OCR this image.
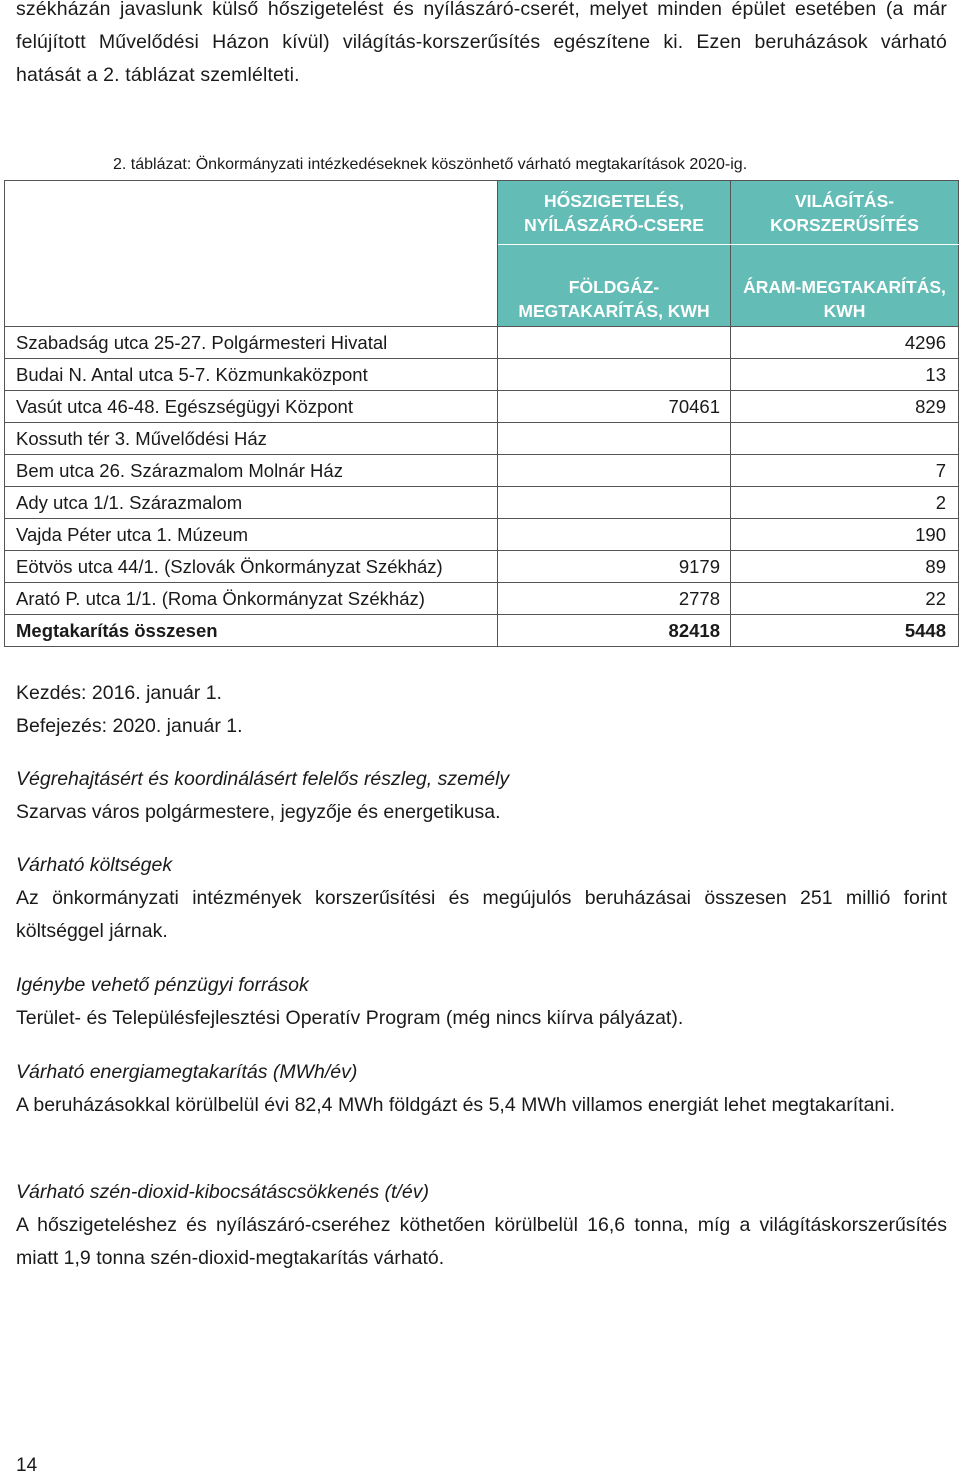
székházán javaslunk külső hőszigetelést és nyílászáró-cserét, melyet minden épület esetében (a már felújított Művelődési Házon kívül) világítás-korszerűsítés egészítene ki. Ezen beruházások várható hatását a 2. táblázat szemlélteti.
2. táblázat: Önkormányzati intézkedéseknek köszönhető várható megtakarítások 2020-ig.
	HŐSZIGETELÉS, NYÍLÁSZÁRÓ-CSERE	VILÁGÍTÁS-KORSZERŰSÍTÉS
	FÖLDGÁZ-MEGTAKARÍTÁS, KWH	ÁRAM-MEGTAKARÍTÁS, KWH
Szabadság utca 25-27. Polgármesteri Hivatal		4296
Budai N. Antal utca 5-7. Közmunkaközpont		13
Vasút utca 46-48. Egészségügyi Központ	70461	829
Kossuth tér 3. Művelődési Ház		
Bem utca 26. Szárazmalom Molnár Ház		7
Ady utca 1/1. Szárazmalom		2
Vajda Péter utca 1. Múzeum		190
Eötvös utca 44/1. (Szlovák Önkormányzat Székház)	9179	89
Arató P. utca 1/1. (Roma Önkormányzat Székház)	2778	22
Megtakarítás összesen	82418	5448
Kezdés: 2016. január 1.
Befejezés: 2020. január 1.
Végrehajtásért és koordinálásért felelős részleg, személy
Szarvas város polgármestere, jegyzője és energetikusa.
Várható költségek
Az önkormányzati intézmények korszerűsítési és megújulós beruházásai összesen 251 millió forint költséggel járnak.
Igénybe vehető pénzügyi források
Terület- és Településfejlesztési Operatív Program (még nincs kiírva pályázat).
Várható energiamegtakarítás (MWh/év)
A beruházásokkal körülbelül évi 82,4 MWh földgázt és 5,4 MWh villamos energiát lehet megtakarítani.
Várható szén-dioxid-kibocsátáscsökkenés (t/év)
A hőszigeteléshez és nyílászáró-cseréhez köthetően körülbelül 16,6 tonna, míg a világításkorszerűsítés miatt 1,9 tonna szén-dioxid-megtakarítás várható.
14
